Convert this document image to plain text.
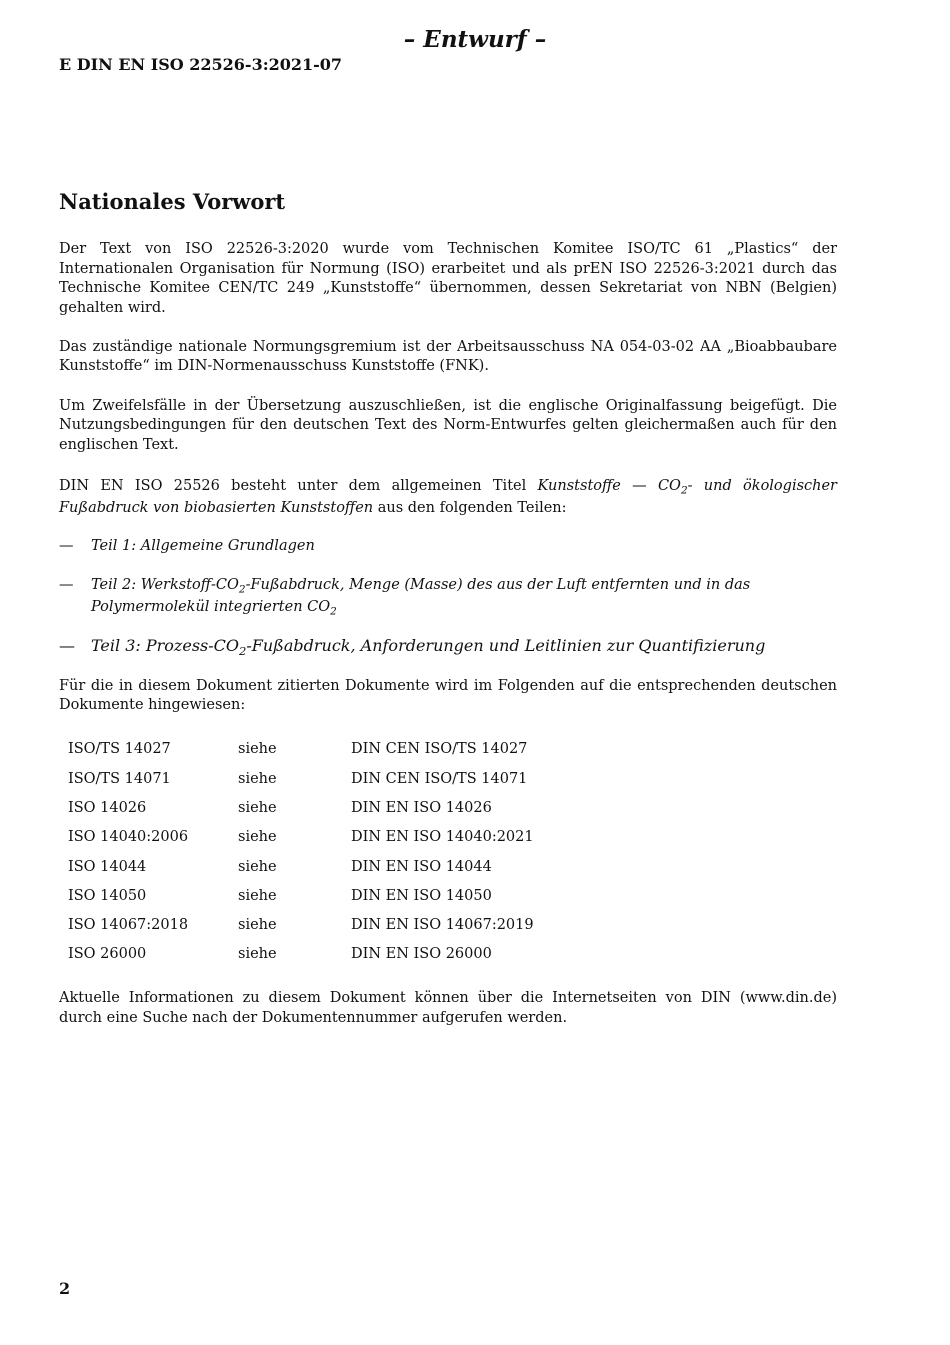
– Entwurf –
E DIN EN ISO 22526-3:2021-07
Nationales Vorwort

Der Text von ISO 22526-3:2020 wurde vom Technischen Komitee ISO/TC 61 „Plastics“ der Internationalen Organisation für Normung (ISO) erarbeitet und als prEN ISO 22526-3:2021 durch das Technische Komitee CEN/TC 249 „Kunststoffe“ übernommen, dessen Sekretariat von NBN (Belgien) gehalten wird.

Das zuständige nationale Normungsgremium ist der Arbeitsausschuss NA 054-03-02 AA „Bioabbaubare Kunststoffe“ im DIN-Normenausschuss Kunststoffe (FNK).

Um Zweifelsfälle in der Übersetzung auszuschließen, ist die englische Originalfassung beigefügt. Die Nutzungsbedingungen für den deutschen Text des Norm-Entwurfes gelten gleichermaßen auch für den englischen Text.

DIN EN ISO 25526 besteht unter dem allgemeinen Titel Kunststoffe — $CO_2-$ und ökologischer Fußabdruck von biobasierten Kunststoffen aus den folgenden Teilen:

— Teil 1: Allgemeine Grundlagen
— Teil 2: Werkstoff-$CO_2$-Fußabdruck, Menge (Masse) des aus der Luft entfernten und in das Polymermolekül integrierten $CO_2$
— Teil 3: Prozess-$CO_2$-Fußabdruck, Anforderungen und Leitlinien zur Quantifizierung

Für die in diesem Dokument zitierten Dokumente wird im Folgenden auf die entsprechenden deutschen Dokumente hingewiesen:

ISO/TS 14027	siehe	DIN CEN ISO/TS 14027
ISO/TS 14071	siehe	DIN CEN ISO/TS 14071
ISO 14026	siehe	DIN EN ISO 14026
ISO 14040:2006	siehe	DIN EN ISO 14040:2021
ISO 14044	siehe	DIN EN ISO 14044
ISO 14050	siehe	DIN EN ISO 14050
ISO 14067:2018	siehe	DIN EN ISO 14067:2019
ISO 26000	siehe	DIN EN ISO 26000

Aktuelle Informationen zu diesem Dokument können über die Internetseiten von DIN (www.din.de) durch eine Suche nach der Dokumentennummer aufgerufen werden.

2
